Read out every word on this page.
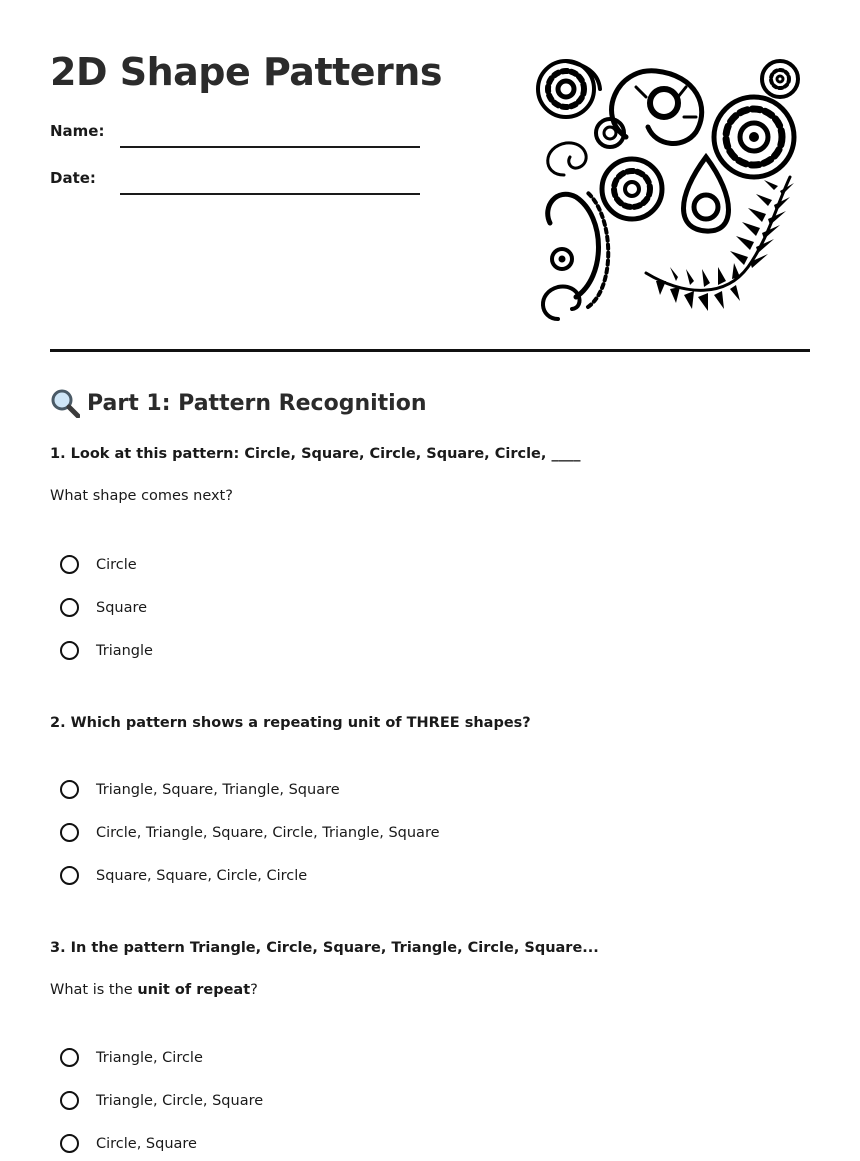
2D Shape Patterns
Name:
Date:
Part 1: Pattern Recognition
1. Look at this pattern: Circle, Square, Circle, Square, Circle, ____
What shape comes next?
Circle
Square
Triangle
2. Which pattern shows a repeating unit of THREE shapes?
Triangle, Square, Triangle, Square
Circle, Triangle, Square, Circle, Triangle, Square
Square, Square, Circle, Circle
3. In the pattern Triangle, Circle, Square, Triangle, Circle, Square...
What is the unit of repeat?
Triangle, Circle
Triangle, Circle, Square
Circle, Square
